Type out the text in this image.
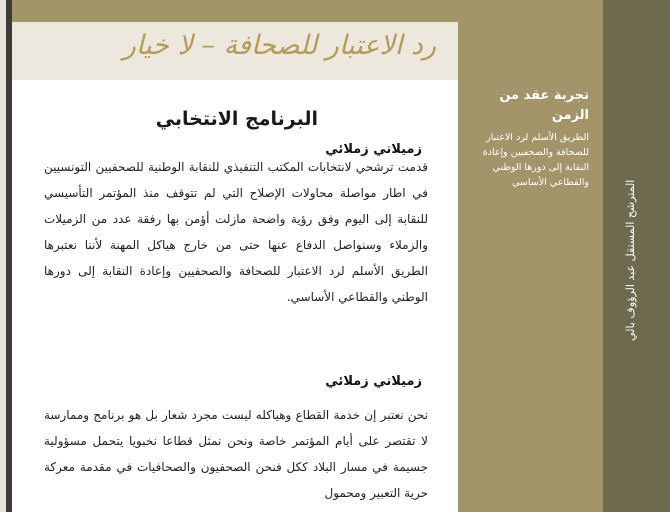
رد الاعتبار للصحافة – لا خيار
البرنامج الانتخابي
زميلاتي زملائي
قدمت ترشحي لانتخابات المكتب التنفيذي للنقابة الوطنية للصحفيين التونسيين في اطار مواصلة محاولات الإصلاح التي لم تتوقف منذ المؤتمر التأسيسي للنقابة إلى اليوم وفق رؤية واضحة مازلت أؤمن بها رفقة عدد من الزميلات والزملاء وسنواصل الدفاع عنها حتى من خارج هياكل المهنة لأننا نعتبرها الطريق الأسلم لرد الاعتبار للصحافة والصحفيين وإعادة النقابة إلى دورها الوطني والقطاعي الأساسي.
زميلاتي زملائي
نحن نعتبر إن خدمة القطاع وهياكله ليست مجرد شعار بل هو برنامج وممارسة لا تقتصر على أيام المؤتمر خاصة ونحن نمثل قطاعا نخبويا يتحمل مسؤولية جسيمة في مسار البلاد ككل فنحن الصحفيون والصحافيات في مقدمة معركة حرية التعبير ومحمول
تجربة عقد من الزمن
الطريق الأسلم لرد الاعتبار للصحافة والصحفيين وإعادة النقابة إلى دورها الوطني والقطاعي الأساسي	المترشح المستقل عبد الرؤوف بالي
